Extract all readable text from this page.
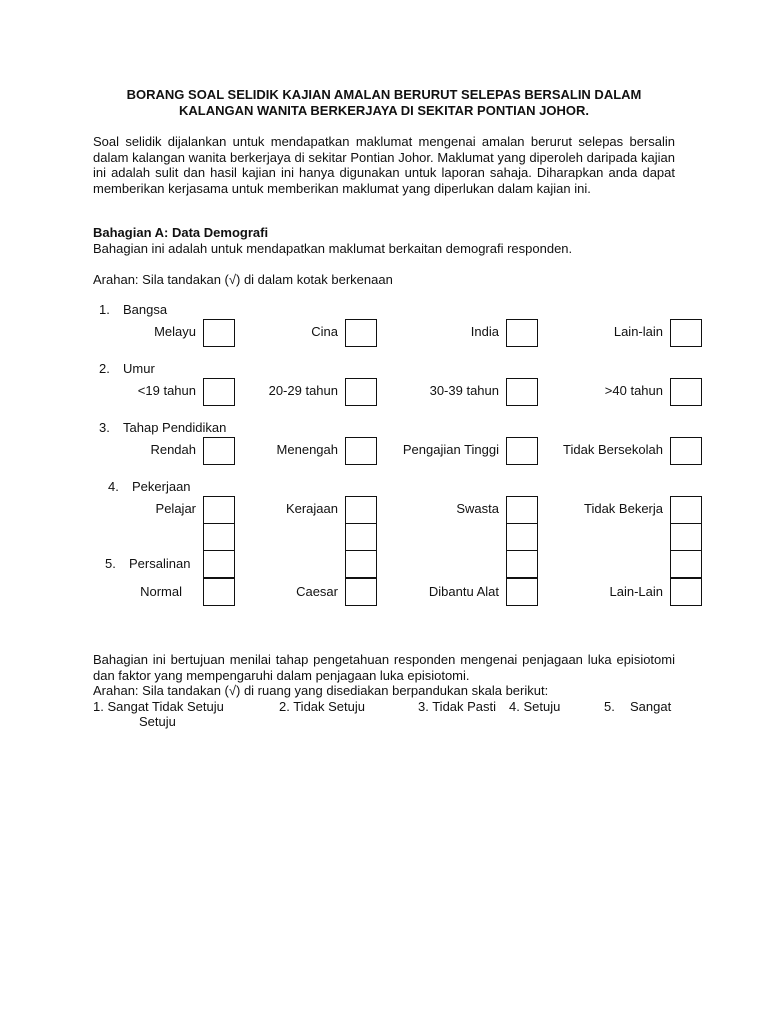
BORANG SOAL SELIDIK KAJIAN AMALAN BERURUT SELEPAS BERSALIN DALAM
KALANGAN WANITA BERKERJAYA DI SEKITAR PONTIAN JOHOR.
Soal selidik dijalankan untuk mendapatkan maklumat mengenai amalan berurut selepas bersalin dalam kalangan wanita berkerjaya di sekitar Pontian Johor. Maklumat yang diperoleh daripada kajian ini adalah sulit dan hasil kajian ini hanya digunakan untuk laporan sahaja. Diharapkan anda dapat memberikan kerjasama untuk memberikan maklumat yang diperlukan dalam kajian ini.
Bahagian A: Data Demografi
Bahagian ini adalah untuk mendapatkan maklumat berkaitan demografi responden.
Arahan: Sila tandakan (√) di dalam kotak berkenaan
1. Bangsa
Melayu	Cina	India	Lain-lain
2. Umur
<19 tahun	20-29 tahun	30-39 tahun	>40 tahun
3. Tahap Pendidikan
Rendah	Menengah	Pengajian Tinggi	Tidak Bersekolah
4. Pekerjaan
Pelajar	Kerajaan	Swasta	Tidak Bekerja
5. Persalinan
Normal	Caesar	Dibantu Alat	Lain-Lain
Bahagian ini bertujuan menilai tahap pengetahuan responden mengenai penjagaan luka episiotomi dan faktor yang mempengaruhi dalam penjagaan luka episiotomi.
Arahan: Sila tandakan (√) di ruang yang disediakan berpandukan skala berikut:
1. Sangat Tidak Setuju	2. Tidak Setuju	3. Tidak Pasti 4. Setuju	5. Sangat
Setuju
